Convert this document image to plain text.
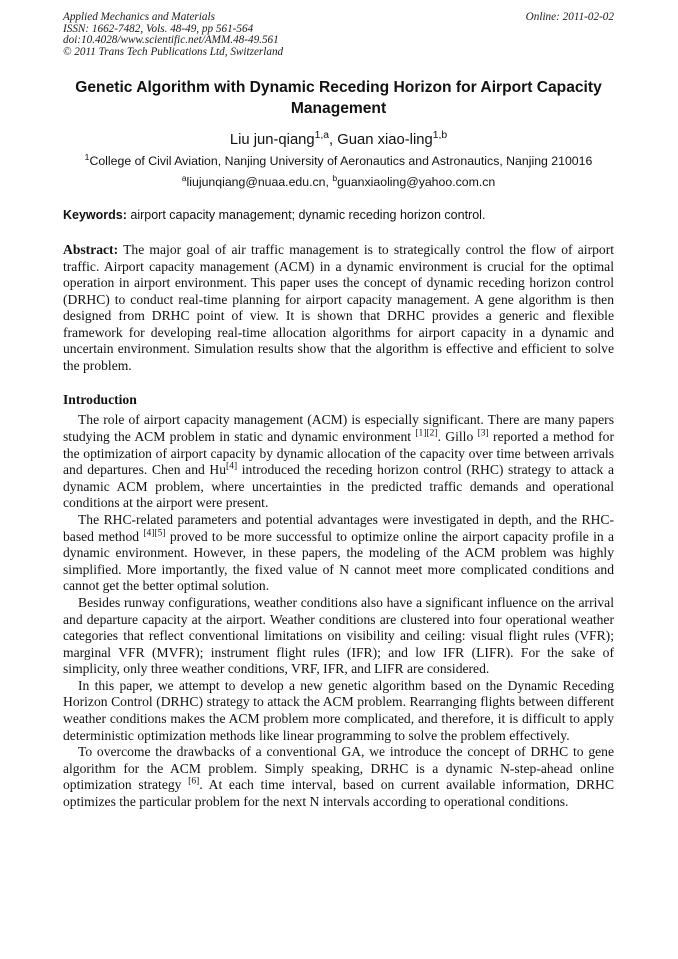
Applied Mechanics and Materials
ISSN: 1662-7482, Vols. 48-49, pp 561-564
doi:10.4028/www.scientific.net/AMM.48-49.561
© 2011 Trans Tech Publications Ltd, Switzerland
Online: 2011-02-02
Genetic Algorithm with Dynamic Receding Horizon for Airport Capacity Management
Liu jun-qiang$^{1,a}$, Guan xiao-ling$^{1,b}$
$^1$College of Civil Aviation, Nanjing University of Aeronautics and Astronautics, Nanjing 210016
$^a$liujunqiang@nuaa.edu.cn, $^b$guanxiaoling@yahoo.com.cn
Keywords: airport capacity management; dynamic receding horizon control.
Abstract: The major goal of air traffic management is to strategically control the flow of airport traffic. Airport capacity management (ACM) in a dynamic environment is crucial for the optimal operation in airport environment. This paper uses the concept of dynamic receding horizon control (DRHC) to conduct real-time planning for airport capacity management. A gene algorithm is then designed from DRHC point of view. It is shown that DRHC provides a generic and flexible framework for developing real-time allocation algorithms for airport capacity in a dynamic and uncertain environment. Simulation results show that the algorithm is effective and efficient to solve the problem.
Introduction

The role of airport capacity management (ACM) is especially significant. There are many papers studying the ACM problem in static and dynamic environment [1][2]. Gillo [3] reported a method for the optimization of airport capacity by dynamic allocation of the capacity over time between arrivals and departures. Chen and Hu[4] introduced the receding horizon control (RHC) strategy to attack a dynamic ACM problem, where uncertainties in the predicted traffic demands and operational conditions at the airport were present.

The RHC-related parameters and potential advantages were investigated in depth, and the RHC-based method [4][5] proved to be more successful to optimize online the airport capacity profile in a dynamic environment. However, in these papers, the modeling of the ACM problem was highly simplified. More importantly, the fixed value of N cannot meet more complicated conditions and cannot get the better optimal solution.

Besides runway configurations, weather conditions also have a significant influence on the arrival and departure capacity at the airport. Weather conditions are clustered into four operational weather categories that reflect conventional limitations on visibility and ceiling: visual flight rules (VFR); marginal VFR (MVFR); instrument flight rules (IFR); and low IFR (LIFR). For the sake of simplicity, only three weather conditions, VRF, IFR, and LIFR are considered.

In this paper, we attempt to develop a new genetic algorithm based on the Dynamic Receding Horizon Control (DRHC) strategy to attack the ACM problem. Rearranging flights between different weather conditions makes the ACM problem more complicated, and therefore, it is difficult to apply deterministic optimization methods like linear programming to solve the problem effectively.

To overcome the drawbacks of a conventional GA, we introduce the concept of DRHC to gene algorithm for the ACM problem. Simply speaking, DRHC is a dynamic N-step-ahead online optimization strategy [6]. At each time interval, based on current available information, DRHC optimizes the particular problem for the next N intervals according to operational conditions.
